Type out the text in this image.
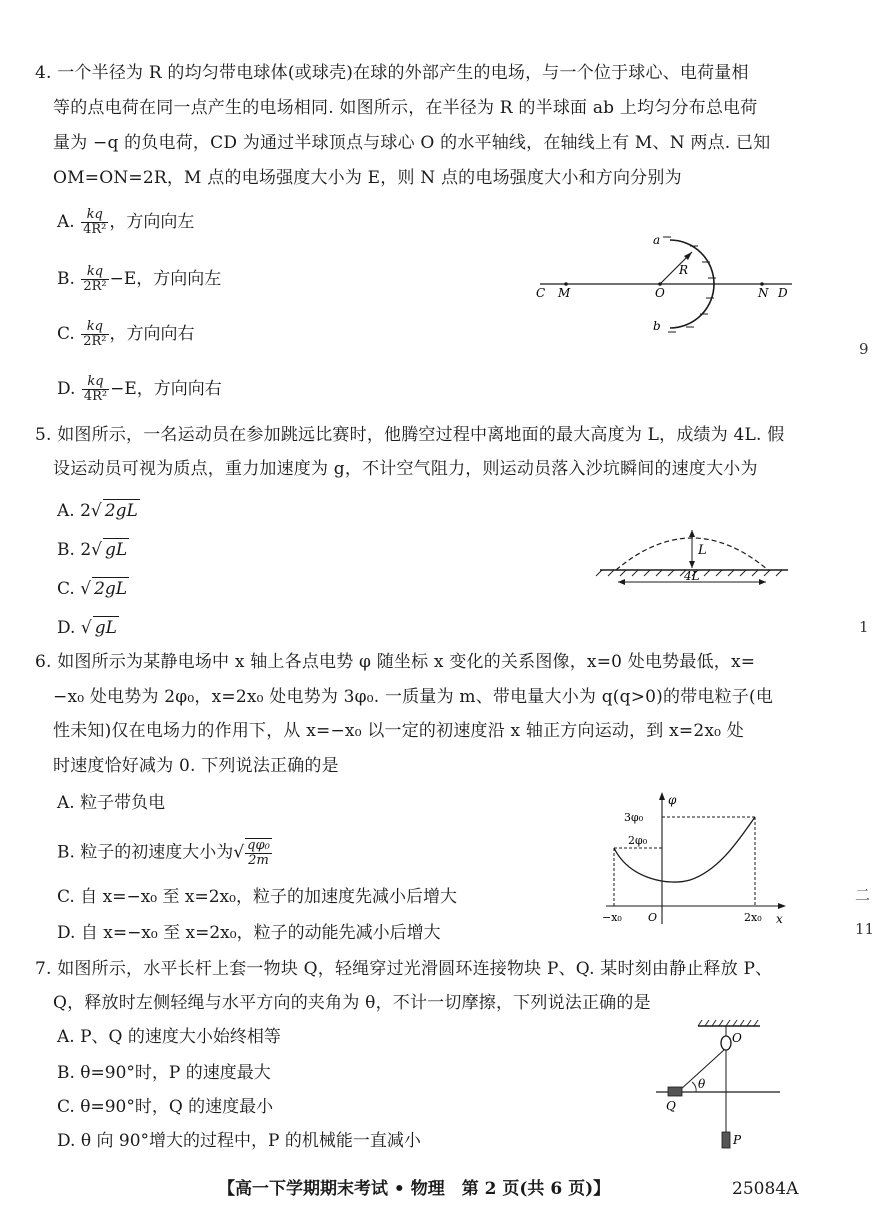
4. 一个半径为 R 的均匀带电球体(或球壳)在球的外部产生的电场，与一个位于球心、电荷量相
等的点电荷在同一点产生的电场相同. 如图所示，在半径为 R 的半球面 ab 上均匀分布总电荷
量为 −q 的负电荷，CD 为通过半球顶点与球心 O 的水平轴线，在轴线上有 M、N 两点. 已知
OM=ON=2R，M 点的电场强度大小为 E，则 N 点的电场强度大小和方向分别为
A. $\frac{kq}{\text{4R²}}$ ，方向向左
B. $\frac{kq}{\text{2R²}} -E$，方向向左
C. $\frac{kq}{\text{2R²}}$ ，方向向右
D. $\frac{kq}{\text{4R²}} -E$，方向向右
a
b
R
C M	O	N D
5. 如图所示，一名运动员在参加跳远比赛时，他腾空过程中离地面的最大高度为 L，成绩为 4L. 假
设运动员可视为质点，重力加速度为 g，不计空气阻力，则运动员落入沙坑瞬间的速度大小为
A. 2√ 2gL
B. 2√ gL
C. √ 2gL
D. √ gL
L
4L
6. 如图所示为某静电场中 x 轴上各点电势 φ 随坐标 x 变化的关系图像，x=0 处电势最低，x=
−x₀ 处电势为 2φ₀，x=2x₀ 处电势为 3φ₀. 一质量为 m、带电量大小为 q(q>0)的带电粒子(电
性未知)仅在电场力的作用下，从 x=−x₀ 以一定的初速度沿 x 轴正方向运动，到 x=2x₀ 处
时速度恰好减为 0. 下列说法正确的是
A. 粒子带负电
B. 粒子的初速度大小为√ $\frac{\text{qφ₀}}{2m}$
C. 自 x=−x₀ 至 x=2x₀，粒子的加速度先减小后增大
D. 自 x=−x₀ 至 x=2x₀，粒子的动能先减小后增大
φ
x
3φ₀
2φ₀
−x₀ O	2x₀
7. 如图所示，水平长杆上套一物块 Q，轻绳穿过光滑圆环连接物块 P、Q. 某时刻由静止释放 P、
Q，释放时左侧轻绳与水平方向的夹角为 θ，不计一切摩擦，下列说法正确的是
A. P、Q 的速度大小始终相等
B. θ=90°时，P 的速度最大
C. θ=90°时，Q 的速度最小
D. θ 向 90°增大的过程中，P 的机械能一直减小
O
θ
Q
P
【高一下学期期末考试 • 物理　第 2 页(共 6 页)】	25084A
9
1
二
11
